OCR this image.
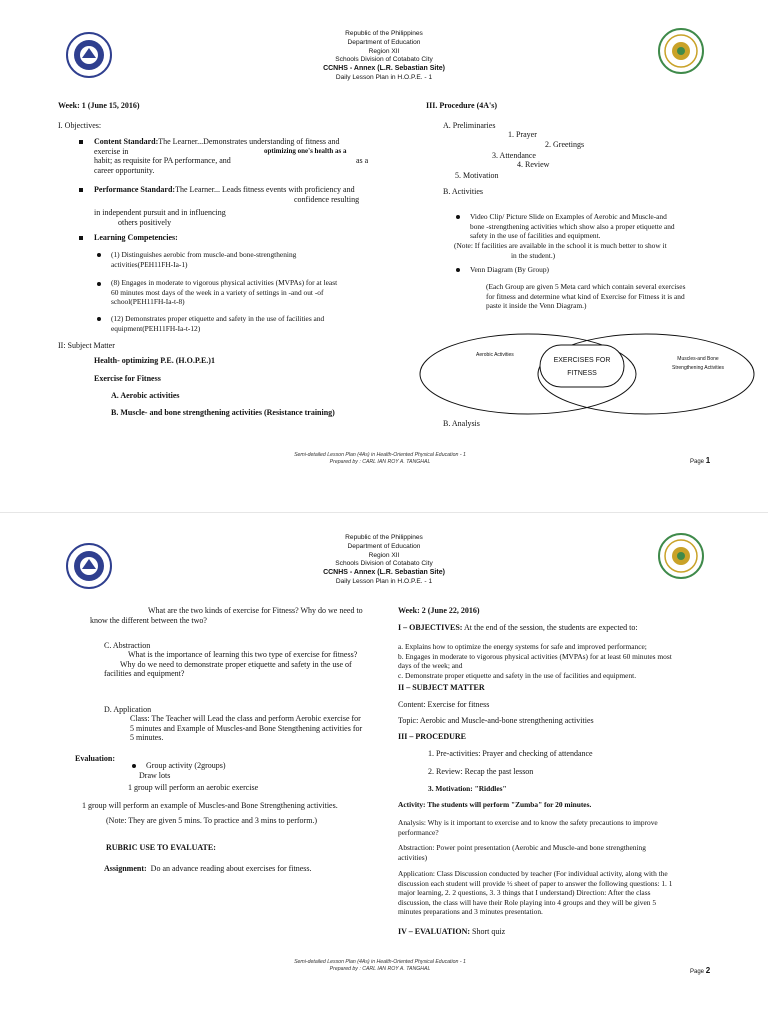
Republic of the Philippines
Department of Education
Region XII
Schools Division of Cotabato City
CCNHS - Annex (L.R. Sebastian Site)
Daily Lesson Plan in H.O.P.E. - 1
Week: 1 (June 15, 2016)
I. Objectives:
Content Standard:The Learner...Demonstrates understanding of fitness and
exercise in	optimizing one's health as a
habit; as requisite for PA performance, and	as a
career opportunity.
Performance Standard:The Learner... Leads fitness events with proficiency and
confidence resulting
in independent pursuit and in influencing
others positively
Learning Competencies:
(1) Distinguishes aerobic from muscle-and bone-strengthening
activities(PEH11FH-Ia-1)
(8) Engages in moderate to vigorous physical activities (MVPAs) for at least
60 minutes most days of the week in a variety of settings in -and out -of
school(PEH11FH-Ia-t-8)
(12) Demonstrates proper etiquette and safety in the use of facilities and
equipment(PEH11FH-Ia-t-12)
II: Subject Matter
Health- optimizing P.E. (H.O.P.E.)1
Exercise for Fitness
A. Aerobic activities
B. Muscle- and bone strengthening activities (Resistance training)
III. Procedure (4A's)
A. Preliminaries
1. Prayer
2. Greetings
3. Attendance
4. Review
5. Motivation
B. Activities
Video Clip/ Picture Slide on Examples of Aerobic and Muscle-and
bone -strengthening activities which show also a proper etiquette and
safety in the use of facilities and equipment.
(Note: If facilities are available in the school it is much better to show it
in the student.)
Venn Diagram (By Group)
(Each Group are given 5 Meta card which contain several exercises
for fitness and determine what kind of Exercise for Fitness it is and
paste it inside the Venn Diagram.)
Aerobic Activities
EXERCISES FOR
FITNESS
Muscles-and Bone
Strengthening Activities
B. Analysis
Semi-detailed Lesson Plan (4As) in Health-Oriented Physical Education - 1
Prepared by : CARL IAN ROY A. TANGHAL	Page 1
Republic of the Philippines
Department of Education
Region XII
Schools Division of Cotabato City
CCNHS - Annex (L.R. Sebastian Site)
Daily Lesson Plan in H.O.P.E. - 1
What are the two kinds of exercise for Fitness? Why do we need to
know the different between the two?
C. Abstraction
What is the importance of learning this two type of exercise for fitness?
Why do we need to demonstrate proper etiquette and safety in the use of
facilities and equipment?
D. Application
Class: The Teacher will Lead the class and perform Aerobic exercise for
5 minutes and Example of Muscles-and Bone Stengthening activities for
5 minutes.
Evaluation:
Group activity (2groups)
Draw lots
1 group will perform an aerobic exercise
1 group will perform an example of Muscles-and Bone Strengthening activities.
(Note: They are given 5 mins. To practice and 3 mins to perform.)
RUBRIC USE TO EVALUATE:
Assignment: Do an advance reading about exercises for fitness.
Week: 2 (June 22, 2016)
I – OBJECTIVES: At the end of the session, the students are expected to:
a. Explains how to optimize the energy systems for safe and improved performance;
b. Engages in moderate to vigorous physical activities (MVPAs) for at least 60 minutes most
days of the week; and
c. Demonstrate proper etiquette and safety in the use of facilities and equipment.
II – SUBJECT MATTER
Content: Exercise for fitness
Topic: Aerobic and Muscle-and-bone strengthening activities
III – PROCEDURE
1. Pre-activities: Prayer and checking of attendance
2. Review: Recap the past lesson
3. Motivation: "Riddles"
Activity: The students will perform "Zumba" for 20 minutes.
Analysis: Why is it important to exercise and to know the safety precautions to improve
performance?
Abstraction: Power point presentation (Aerobic and Muscle-and bone strengthening
activities)
Application: Class Discussion conducted by teacher (For individual activity, along with the
discussion each student will provide ½ sheet of paper to answer the following questions: 1. 1
major learning, 2. 2 questions, 3. 3 things that I understand) Direction: After the class
discussion, the class will have their Role playing into 4 groups and they will be given 5
minutes preparations and 3 minutes presentation.
IV – EVALUATION: Short quiz
Semi-detailed Lesson Plan (4As) in Health-Oriented Physical Education - 1
Prepared by : CARL IAN ROY A. TANGHAL
Page 2
